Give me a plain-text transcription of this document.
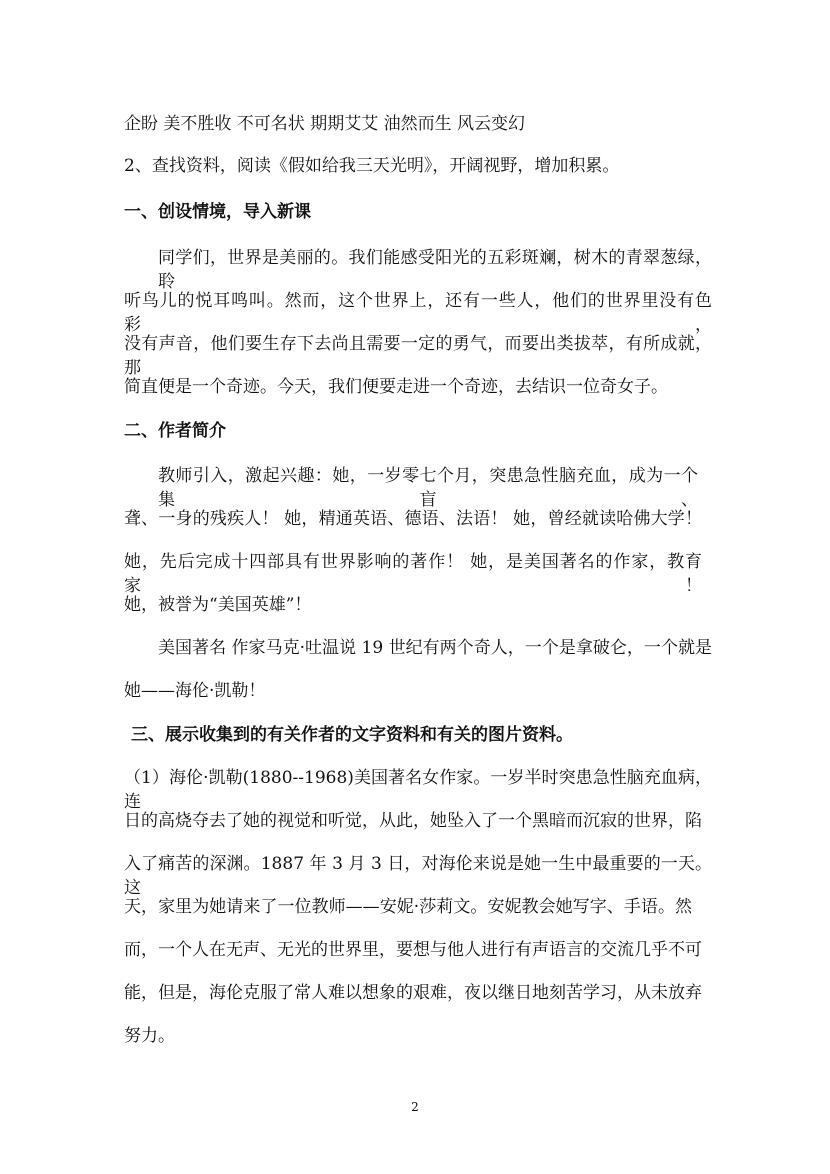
企盼 美不胜收 不可名状 期期艾艾 油然而生 风云变幻
2、查找资料，阅读《假如给我三天光明》，开阔视野，增加积累。
一、创设情境，导入新课
同学们，世界是美丽的。我们能感受阳光的五彩斑斓，树木的青翠葱绿，聆
听鸟儿的悦耳鸣叫。然而，这个世界上，还有一些人，他们的世界里没有色彩，
没有声音，他们要生存下去尚且需要一定的勇气，而要出类拔萃，有所成就，那
简直便是一个奇迹。今天，我们便要走进一个奇迹，去结识一位奇女子。
二、作者简介
教师引入，激起兴趣：她，一岁零七个月，突患急性脑充血，成为一个集盲、
聋、一身的残疾人！ 她，精通英语、德语、法语！ 她，曾经就读哈佛大学！
她，先后完成十四部具有世界影响的著作！ 她，是美国著名的作家，教育家！
她，被誉为“美国英雄”！
美国著名 作家马克·吐温说 19 世纪有两个奇人，一个是拿破仑，一个就是
她——海伦·凯勒！
三、展示收集到的有关作者的文字资料和有关的图片资料。
（1）海伦·凯勒(1880--1968)美国著名女作家。一岁半时突患急性脑充血病，连
日的高烧夺去了她的视觉和听觉，从此，她坠入了一个黑暗而沉寂的世界，陷
入了痛苦的深渊。1887 年 3 月 3 日，对海伦来说是她一生中最重要的一天。这
天，家里为她请来了一位教师——安妮·莎莉文。安妮教会她写字、手语。然
而，一个人在无声、无光的世界里，要想与他人进行有声语言的交流几乎不可
能，但是，海伦克服了常人难以想象的艰难，夜以继日地刻苦学习，从未放弃
努力。
2
